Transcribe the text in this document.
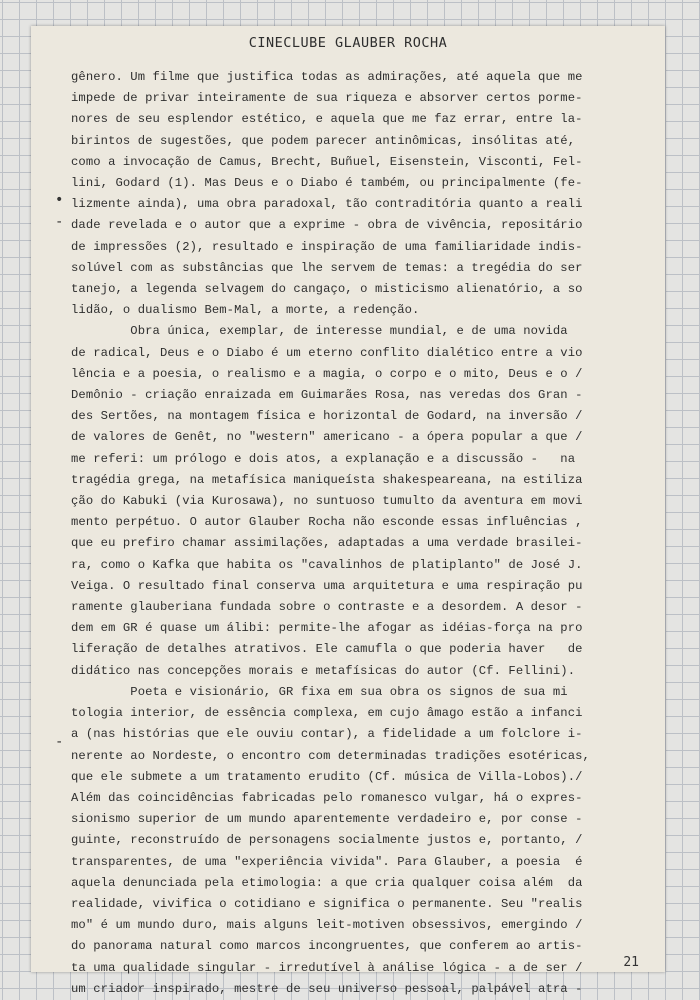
CINECLUBE GLAUBER ROCHA
•
-
-
gênero. Um filme que justifica todas as admirações, até aquela que me
impede de privar inteiramente de sua riqueza e absorver certos porme-
nores de seu esplendor estético, e aquela que me faz errar, entre la-
birintos de sugestões, que podem parecer antinômicas, insólitas até,
como a invocação de Camus, Brecht, Buñuel, Eisenstein, Visconti, Fel-
lini, Godard (1). Mas Deus e o Diabo é também, ou principalmente (fe-
lizmente ainda), uma obra paradoxal, tão contraditória quanto a reali
dade revelada e o autor que a exprime - obra de vivência, repositário
de impressões (2), resultado e inspiração de uma familiaridade indis-
solúvel com as substâncias que lhe servem de temas: a tregédia do ser
tanejo, a legenda selvagem do cangaço, o misticismo alienatório, a so
lidão, o dualismo Bem-Mal, a morte, a redenção.
Obra única, exemplar, de interesse mundial, e de uma novida
de radical, Deus e o Diabo é um eterno conflito dialético entre a vio
lência e a poesia, o realismo e a magia, o corpo e o mito, Deus e o /
Demônio - criação enraizada em Guimarães Rosa, nas veredas dos Gran -
des Sertões, na montagem física e horizontal de Godard, na inversão /
de valores de Genêt, no "western" americano - a ópera popular a que /
me referi: um prólogo e dois atos, a explanação e a discussão -   na
tragédia grega, na metafísica maniqueísta shakespeareana, na estiliza
ção do Kabuki (via Kurosawa), no suntuoso tumulto da aventura em movi
mento perpétuo. O autor Glauber Rocha não esconde essas influências ,
que eu prefiro chamar assimilações, adaptadas a uma verdade brasilei-
ra, como o Kafka que habita os "cavalinhos de platiplanto" de José J.
Veiga. O resultado final conserva uma arquitetura e uma respiração pu
ramente glauberiana fundada sobre o contraste e a desordem. A desor -
dem em GR é quase um álibi: permite-lhe afogar as idéias-força na pro
liferação de detalhes atrativos. Ele camufla o que poderia haver   de
didático nas concepções morais e metafísicas do autor (Cf. Fellini).
Poeta e visionário, GR fixa em sua obra os signos de sua mi
tologia interior, de essência complexa, em cujo âmago estão a infanci
a (nas histórias que ele ouviu contar), a fidelidade a um folclore i-
nerente ao Nordeste, o encontro com determinadas tradições esotéricas,
que ele submete a um tratamento erudito (Cf. música de Villa-Lobos)./
Além das coincidências fabricadas pelo romanesco vulgar, há o expres-
sionismo superior de um mundo aparentemente verdadeiro e, por conse -
guinte, reconstruído de personagens socialmente justos e, portanto, /
transparentes, de uma "experiência vivida". Para Glauber, a poesia  é
aquela denunciada pela etimologia: a que cria qualquer coisa além  da
realidade, vivifica o cotidiano e significa o permanente. Seu "realis
mo" é um mundo duro, mais alguns leit-motiven obsessivos, emergindo /
do panorama natural como marcos incongruentes, que conferem ao artis-
ta uma qualidade singular - irredutível à análise lógica - a de ser /
um criador inspirado, mestre de seu universo pessoal, palpável atra -
21
